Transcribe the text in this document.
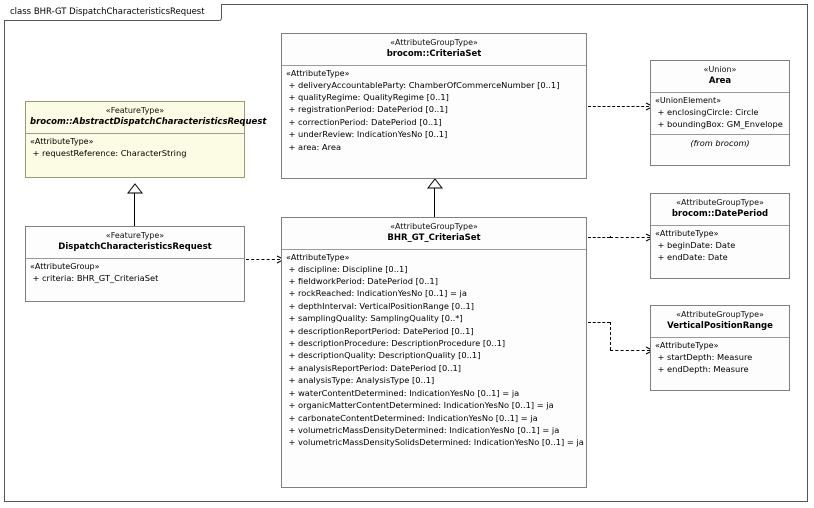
class BHR-GT DispatchCharacteristicsRequest
«FeatureType»
brocom::AbstractDispatchCharacteristicsRequest
«AttributeType»
+ requestReference: CharacterString
«AttributeGroupType»
brocom::CriteriaSet
«AttributeType»
+ deliveryAccountableParty: ChamberOfCommerceNumber [0..1]
+ qualityRegime: QualityRegime [0..1]
+ registrationPeriod: DatePeriod [0..1]
+ correctionPeriod: DatePeriod [0..1]
+ underReview: IndicationYesNo [0..1]
+ area: Area
«FeatureType»
DispatchCharacteristicsRequest
«AttributeGroup»
+ criteria: BHR_GT_CriteriaSet
«AttributeGroupType»
BHR_GT_CriteriaSet
«AttributeType»
+ discipline: Discipline [0..1]
+ fieldworkPeriod: DatePeriod [0..1]
+ rockReached: IndicationYesNo [0..1] = ja
+ depthInterval: VerticalPositionRange [0..1]
+ samplingQuality: SamplingQuality [0..*]
+ descriptionReportPeriod: DatePeriod [0..1]
+ descriptionProcedure: DescriptionProcedure [0..1]
+ descriptionQuality: DescriptionQuality [0..1]
+ analysisReportPeriod: DatePeriod [0..1]
+ analysisType: AnalysisType [0..1]
+ waterContentDetermined: IndicationYesNo [0..1] = ja
+ organicMatterContentDetermined: IndicationYesNo [0..1] = ja
+ carbonateContentDetermined: IndicationYesNo [0..1] = ja
+ volumetricMassDensityDetermined: IndicationYesNo [0..1] = ja
+ volumetricMassDensitySolidsDetermined: IndicationYesNo [0..1] = ja
«Union»
Area
«UnionElement»
+ enclosingCircle: Circle
+ boundingBox: GM_Envelope
(from brocom)
«AttributeGroupType»
brocom::DatePeriod
«AttributeType»
+ beginDate: Date
+ endDate: Date
«AttributeGroupType»
VerticalPositionRange
«AttributeType»
+ startDepth: Measure
+ endDepth: Measure
